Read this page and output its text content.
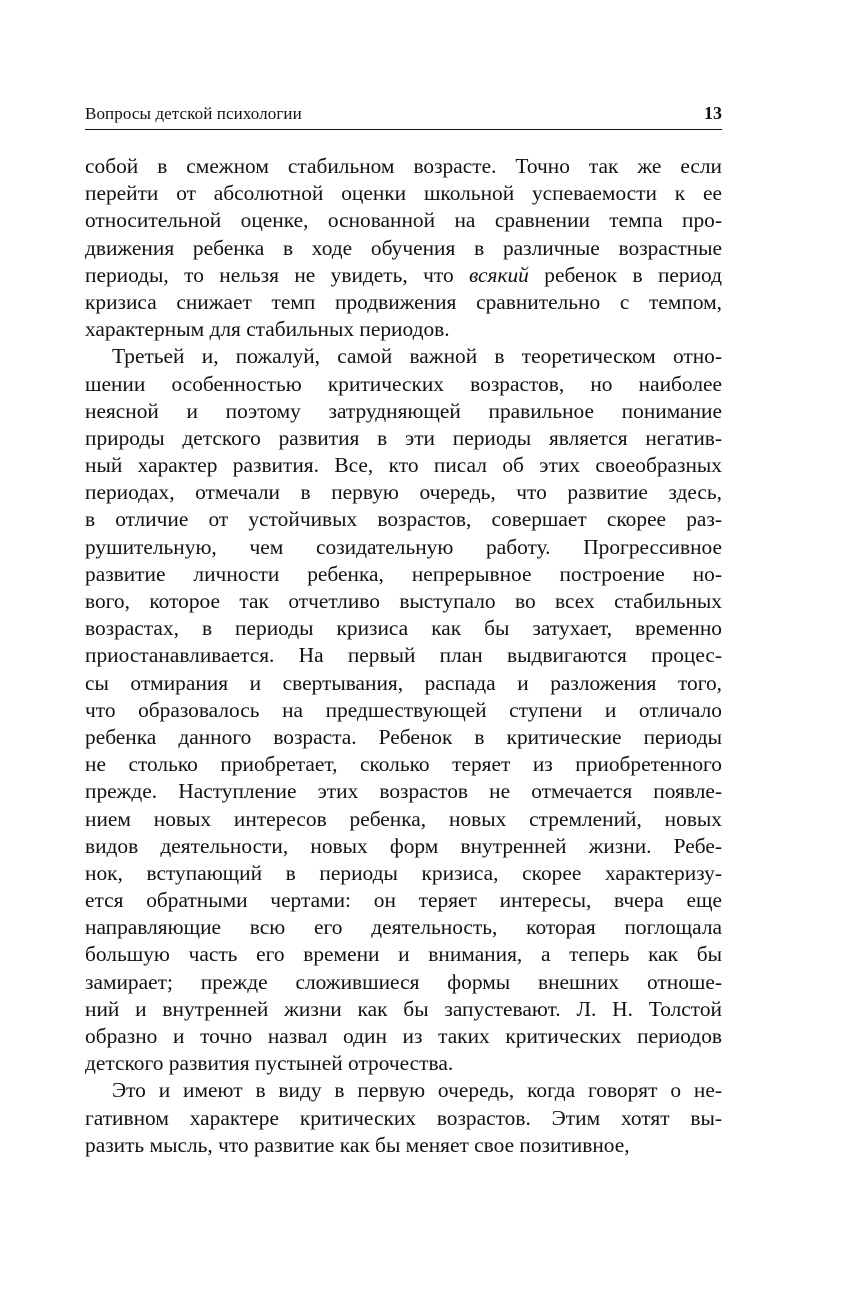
Вопросы детской психологии	13
собой в смежном стабильном возрасте. Точно так же если
перейти от абсолютной оценки школьной успеваемости к ее
относительной оценке, основанной на сравнении темпа про-
движения ребенка в ходе обучения в различные возрастные
периоды, то нельзя не увидеть, что всякий ребенок в период
кризиса снижает темп продвижения сравнительно с темпом,
характерным для стабильных периодов.
Третьей и, пожалуй, самой важной в теоретическом отно-
шении особенностью критических возрастов, но наиболее
неясной и поэтому затрудняющей правильное понимание
природы детского развития в эти периоды является негатив-
ный характер развития. Все, кто писал об этих своеобразных
периодах, отмечали в первую очередь, что развитие здесь,
в отличие от устойчивых возрастов, совершает скорее раз-
рушительную, чем созидательную работу. Прогрессивное
развитие личности ребенка, непрерывное построение но-
вого, которое так отчетливо выступало во всех стабильных
возрастах, в периоды кризиса как бы затухает, временно
приостанавливается. На первый план выдвигаются процес-
сы отмирания и свертывания, распада и разложения того,
что образовалось на предшествующей ступени и отличало
ребенка данного возраста. Ребенок в критические периоды
не столько приобретает, сколько теряет из приобретенного
прежде. Наступление этих возрастов не отмечается появле-
нием новых интересов ребенка, новых стремлений, новых
видов деятельности, новых форм внутренней жизни. Ребе-
нок, вступающий в периоды кризиса, скорее характеризу-
ется обратными чертами: он теряет интересы, вчера еще
направляющие всю его деятельность, которая поглощала
большую часть его времени и внимания, а теперь как бы
замирает; прежде сложившиеся формы внешних отноше-
ний и внутренней жизни как бы запустевают. Л. Н. Толстой
образно и точно назвал один из таких критических периодов
детского развития пустыней отрочества.
Это и имеют в виду в первую очередь, когда говорят о не-
гативном характере критических возрастов. Этим хотят вы-
разить мысль, что развитие как бы меняет свое позитивное,
